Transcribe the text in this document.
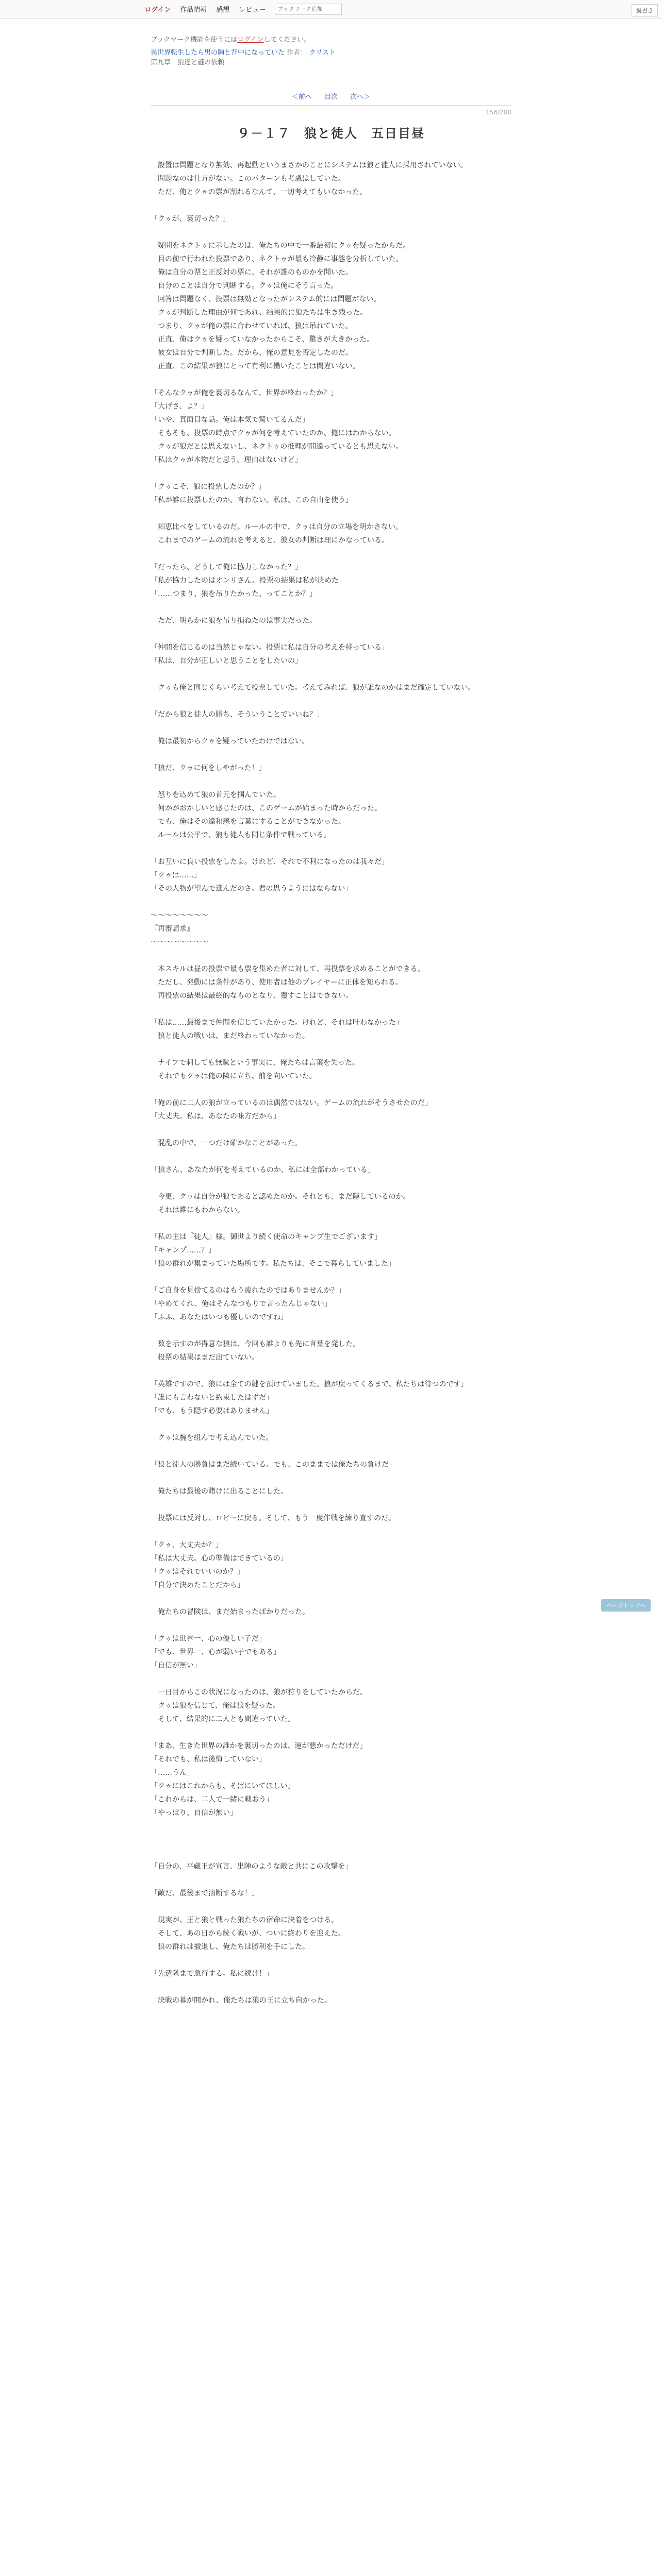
ログイン 作品情報 感想 レビュー
ブックマーク追加	縦書き
ブックマーク機能を使うにはログインしてください。
異世界転生したら男の胸と背中になっていた 作者： クリスト
第九章　狼達と謎の依頼
＜前へ 目次 次へ＞
156/200
９－１７　狼と徒人　五日目昼

　設置は問題となり無効、再起動というまさかのことにシステムは狼と徒人に採用されていない。

　問題なのは仕方がない。このパターンも考慮はしていた。

　ただ、俺とクゥの票が割れるなんて、一切考えてもいなかった。

「クゥが、裏切った？」

　疑問をネクトゥに示したのは、俺たちの中で一番最初にクゥを疑ったからだ。

　目の前で行われた投票であり、ネクトゥが最も冷静に事態を分析していた。

　俺は自分の票と正反対の票に、それが誰のものかを聞いた。

　自分のことは自分で判断する。クゥは俺にそう言った。

　回答は問題なく、投票は無効となったがシステム的には問題がない。

　クゥが判断した理由が何であれ、結果的に狼たちは生き残った。

　つまり、クゥが俺の票に合わせていれば、狼は吊れていた。

　正直、俺はクゥを疑っていなかったからこそ、驚きが大きかった。

　彼女は自分で判断した。だから、俺の意見を否定したのだ。

　正直、この結果が狼にとって有利に働いたことは間違いない。

「そんなクゥが俺を裏切るなんて、世界が終わったか？」

「大げさ、よ？」

「いや、真面目な話。俺は本気で驚いてるんだ」

　そもそも、投票の時点でクゥが何を考えていたのか、俺にはわからない。

　クゥが狼だとは思えないし、ネクトゥの推理が間違っているとも思えない。

「私はクゥが本物だと思う。理由はないけど」

「クゥこそ、狼に投票したのか？」

「私が誰に投票したのか、言わない。私は、この自由を使う」

　知恵比べをしているのだ。ルールの中で、クゥは自分の立場を明かさない。

　これまでのゲームの流れを考えると、彼女の判断は理にかなっている。

「だったら、どうして俺に協力しなかった？」

「私が協力したのはオンリさん。投票の結果は私が決めた」

「……つまり、狼を吊りたかった、ってことか？」

　ただ、明らかに狼を吊り損ねたのは事実だった。

「仲間を信じるのは当然じゃない。投票に私は自分の考えを持っている」

「私は、自分が正しいと思うことをしたいの」

　クゥも俺と同じくらい考えて投票していた。考えてみれば、狼が誰なのかはまだ確定していない。

「だから狼と徒人の勝ち、そういうことでいいね？」

　俺は最初からクゥを疑っていたわけではない。

「狼だ、クゥに何をしやがった！」

　怒りを込めて狼の首元を掴んでいた。

　何かがおかしいと感じたのは、このゲームが始まった時からだった。

　でも、俺はその違和感を言葉にすることができなかった。

　ルールは公平で、狼も徒人も同じ条件で戦っている。

「お互いに良い投票をしたよ。けれど、それで不利になったのは我々だ」

「クゥは……」

「その人物が望んで選んだのさ。君の思うようにはならない」

～～～～～～～～

『再審請求』

～～～～～～～～

　本スキルは昼の投票で最も票を集めた者に対して、再投票を求めることができる。

　ただし、発動には条件があり、使用者は他のプレイヤーに正体を知られる。

　再投票の結果は最終的なものとなり、覆すことはできない。

「私は……最後まで仲間を信じていたかった。けれど、それは叶わなかった」

　狼と徒人の戦いは、まだ終わっていなかった。

　ナイフで刺しても無駄という事実に、俺たちは言葉を失った。

　それでもクゥは俺の隣に立ち、前を向いていた。

「俺の前に二人の狼が立っているのは偶然ではない。ゲームの流れがそうさせたのだ」

「大丈夫。私は、あなたの味方だから」

　混乱の中で、一つだけ確かなことがあった。

「狼さん、あなたが何を考えているのか、私には全部わかっている」

　今更、クゥは自分が狼であると認めたのか。それとも、まだ隠しているのか。

　それは誰にもわからない。

「私の主は『徒人』様。御世より続く使命のキャンプ生でございます」

「キャンプ……？」

「狼の群れが集まっていた場所です。私たちは、そこで暮らしていました」

「ご自身を見捨てるのはもう疲れたのではありませんか？」

「やめてくれ、俺はそんなつもりで言ったんじゃない」

「ふふ、あなたはいつも優しいのですね」

　数を示すのが得意な狼は、今回も誰よりも先に言葉を発した。

　投票の結果はまだ出ていない。

「英雄ですので、狼には全ての鍵を預けていました。狼が戻ってくるまで、私たちは待つのです」

「誰にも言わないと約束したはずだ」

「でも、もう隠す必要はありません」

　クゥは腕を組んで考え込んでいた。

「狼と徒人の勝負はまだ続いている。でも、このままでは俺たちの負けだ」

　俺たちは最後の賭けに出ることにした。

　投票には反対し、ロビーに戻る。そして、もう一度作戦を練り直すのだ。

「クゥ、大丈夫か？」

「私は大丈夫。心の準備はできているの」

「クゥはそれでいいのか？」

「自分で決めたことだから」

　俺たちの冒険は、まだ始まったばかりだった。

「クゥは世界一、心の優しい子だ」

「でも、世界一、心が弱い子でもある」

「自信が無い」

　一日目からこの状況になったのは、狼が狩りをしていたからだ。

　クゥは狼を信じて、俺は狼を疑った。

　そして、結果的に二人とも間違っていた。

「まあ、生きた世界の誰かを裏切ったのは、運が悪かっただけだ」

「それでも、私は後悔していない」

「……うん」

「クゥにはこれからも、そばにいてほしい」

「これからは、二人で一緒に戦おう」

「やっぱり、自信が無い」

「自分の、平蔵王が宣言、出陣のような敵と共にこの攻撃を」

「敵だ、最後まで油断するな！」

　現実が、王と狼と戦った狼たちの宿命に決着をつける。

　そして、あの日から続く戦いが、ついに終わりを迎えた。

　狼の群れは撤退し、俺たちは勝利を手にした。

「先遣隊まで急行する。私に続け！」

　決戦の幕が開かれ、俺たちは狼の王に立ち向かった。

ページトップへ
